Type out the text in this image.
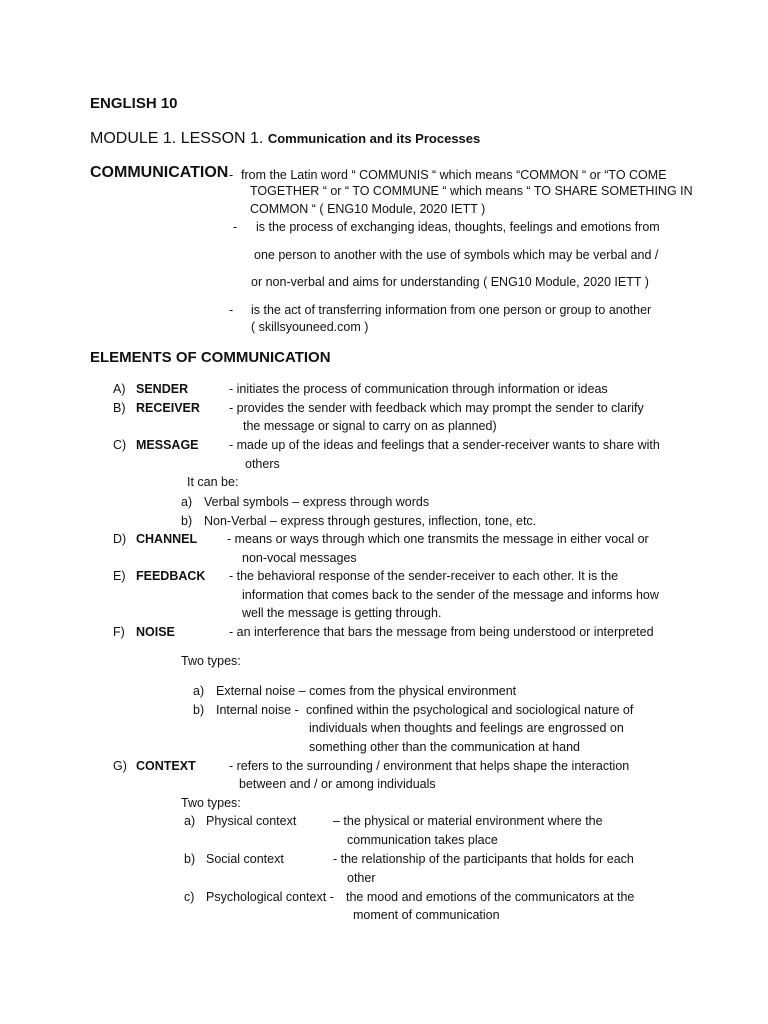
ENGLISH 10
MODULE 1. LESSON 1. Communication and its Processes
COMMUNICATION - from the Latin word “ COMMUNIS “ which means “COMMON “ or “TO COME
TOGETHER “ or “ TO COMMUNE “ which means “ TO SHARE SOMETHING IN
COMMON “ ( ENG10 Module, 2020 IETT )
- is the process of exchanging ideas, thoughts, feelings and emotions from
one person to another with the use of symbols which may be verbal and /
or non-verbal and aims for understanding ( ENG10 Module, 2020 IETT )
- is the act of transferring information from one person or group to another
( skillsyouneed.com )
ELEMENTS OF COMMUNICATION
A) SENDER	- initiates the process of communication through information or ideas
B) RECEIVER - provides the sender with feedback which may prompt the sender to clarify
the message or signal to carry on as planned)
C) MESSAGE - made up of the ideas and feelings that a sender-receiver wants to share with
others
It can be:
a) Verbal symbols – express through words
b) Non-Verbal – express through gestures, inflection, tone, etc.
D) CHANNEL - means or ways through which one transmits the message in either vocal or
non-vocal messages
E) FEEDBACK - the behavioral response of the sender-receiver to each other. It is the
information that comes back to the sender of the message and informs how
well the message is getting through.
F) NOISE	- an interference that bars the message from being understood or interpreted
Two types:
a) External noise – comes from the physical environment
b) Internal noise - confined within the psychological and sociological nature of
individuals when thoughts and feelings are engrossed on
something other than the communication at hand
G) CONTEXT	- refers to the surrounding / environment that helps shape the interaction
between and / or among individuals
Two types:
a) Physical context	– the physical or material environment where the
communication takes place
b) Social context	- the relationship of the participants that holds for each
other
c) Psychological context - the mood and emotions of the communicators at the
moment of communication
